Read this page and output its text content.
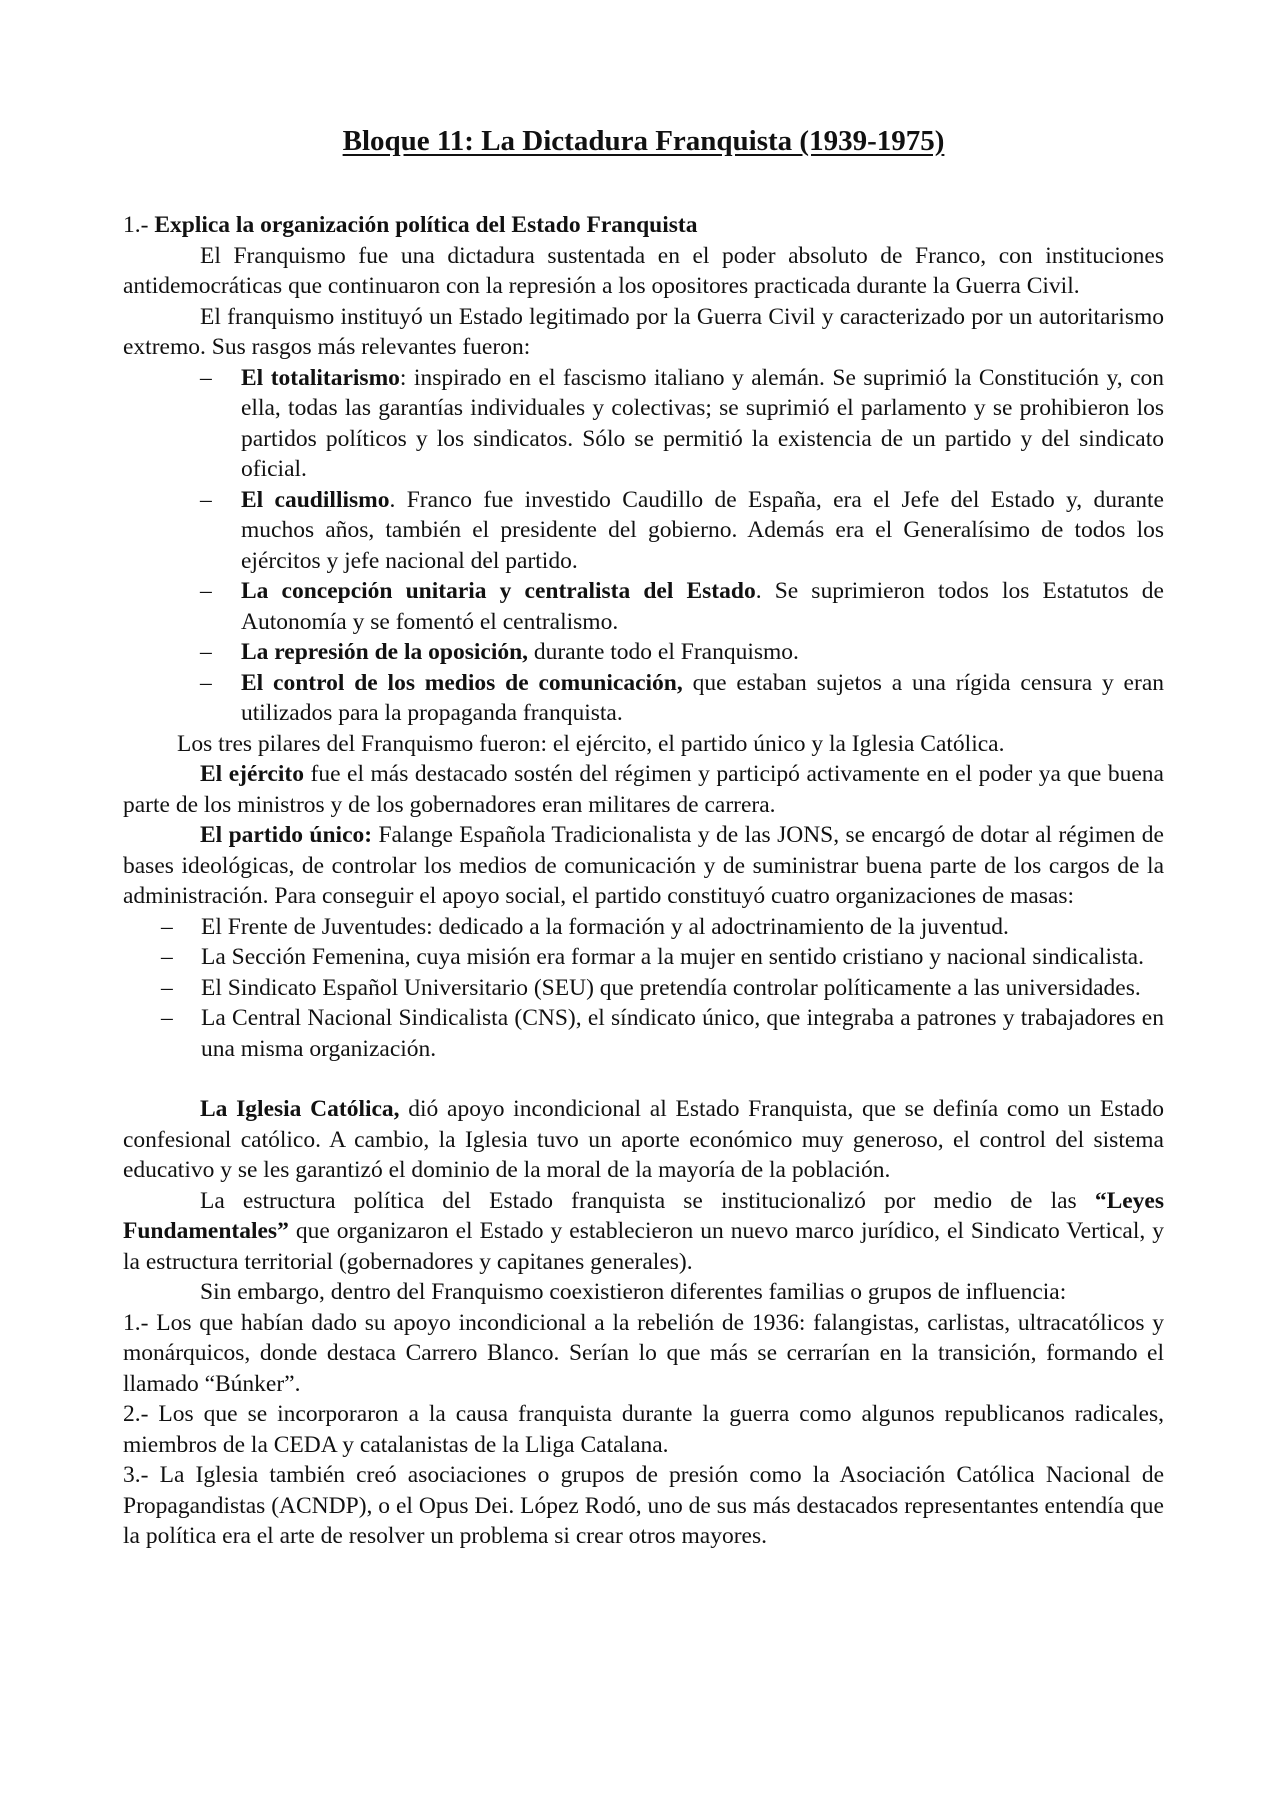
Bloque 11: La Dictadura Franquista (1939-1975)

1.- Explica la organización política del Estado Franquista

El Franquismo fue una dictadura sustentada en el poder absoluto de Franco, con instituciones antidemocráticas que continuaron con la represión a los opositores practicada durante la Guerra Civil.

El franquismo instituyó un Estado legitimado por la Guerra Civil y caracterizado por un autoritarismo extremo. Sus rasgos más relevantes fueron:

– El totalitarismo: inspirado en el fascismo italiano y alemán. Se suprimió la Constitución y, con ella, todas las garantías individuales y colectivas; se suprimió el parlamento y se prohibieron los partidos políticos y los sindicatos. Sólo se permitió la existencia de un partido y del sindicato oficial.
– El caudillismo. Franco fue investido Caudillo de España, era el Jefe del Estado y, durante muchos años, también el presidente del gobierno. Además era el Generalísimo de todos los ejércitos y jefe nacional del partido.
– La concepción unitaria y centralista del Estado. Se suprimieron todos los Estatutos de Autonomía y se fomentó el centralismo.
– La represión de la oposición, durante todo el Franquismo.
– El control de los medios de comunicación, que estaban sujetos a una rígida censura y eran utilizados para la propaganda franquista.

Los tres pilares del Franquismo fueron: el ejército, el partido único y la Iglesia Católica.

El ejército fue el más destacado sostén del régimen y participó activamente en el poder ya que buena parte de los ministros y de los gobernadores eran militares de carrera.

El partido único: Falange Española Tradicionalista y de las JONS, se encargó de dotar al régimen de bases ideológicas, de controlar los medios de comunicación y de suministrar buena parte de los cargos de la administración. Para conseguir el apoyo social, el partido constituyó cuatro organizaciones de masas:

– El Frente de Juventudes: dedicado a la formación y al adoctrinamiento de la juventud.
– La Sección Femenina, cuya misión era formar a la mujer en sentido cristiano y nacional sindicalista.
– El Sindicato Español Universitario (SEU) que pretendía controlar políticamente a las universidades.
– La Central Nacional Sindicalista (CNS), el síndicato único, que integraba a patrones y trabajadores en una misma organización.

La Iglesia Católica, dió apoyo incondicional al Estado Franquista, que se definía como un Estado confesional católico. A cambio, la Iglesia tuvo un aporte económico muy generoso, el control del sistema educativo y se les garantizó el dominio de la moral de la mayoría de la población.

La estructura política del Estado franquista se institucionalizó por medio de las “Leyes Fundamentales” que organizaron el Estado y establecieron un nuevo marco jurídico, el Sindicato Vertical, y la estructura territorial (gobernadores y capitanes generales).

Sin embargo, dentro del Franquismo coexistieron diferentes familias o grupos de influencia:

1.- Los que habían dado su apoyo incondicional a la rebelión de 1936: falangistas, carlistas, ultracatólicos y monárquicos, donde destaca Carrero Blanco. Serían lo que más se cerrarían en la transición, formando el llamado “Búnker”.

2.- Los que se incorporaron a la causa franquista durante la guerra como algunos republicanos radicales, miembros de la CEDA y catalanistas de la Lliga Catalana.

3.- La Iglesia también creó asociaciones o grupos de presión como la Asociación Católica Nacional de Propagandistas (ACNDP), o el Opus Dei. López Rodó, uno de sus más destacados representantes entendía que la política era el arte de resolver un problema si crear otros mayores.
